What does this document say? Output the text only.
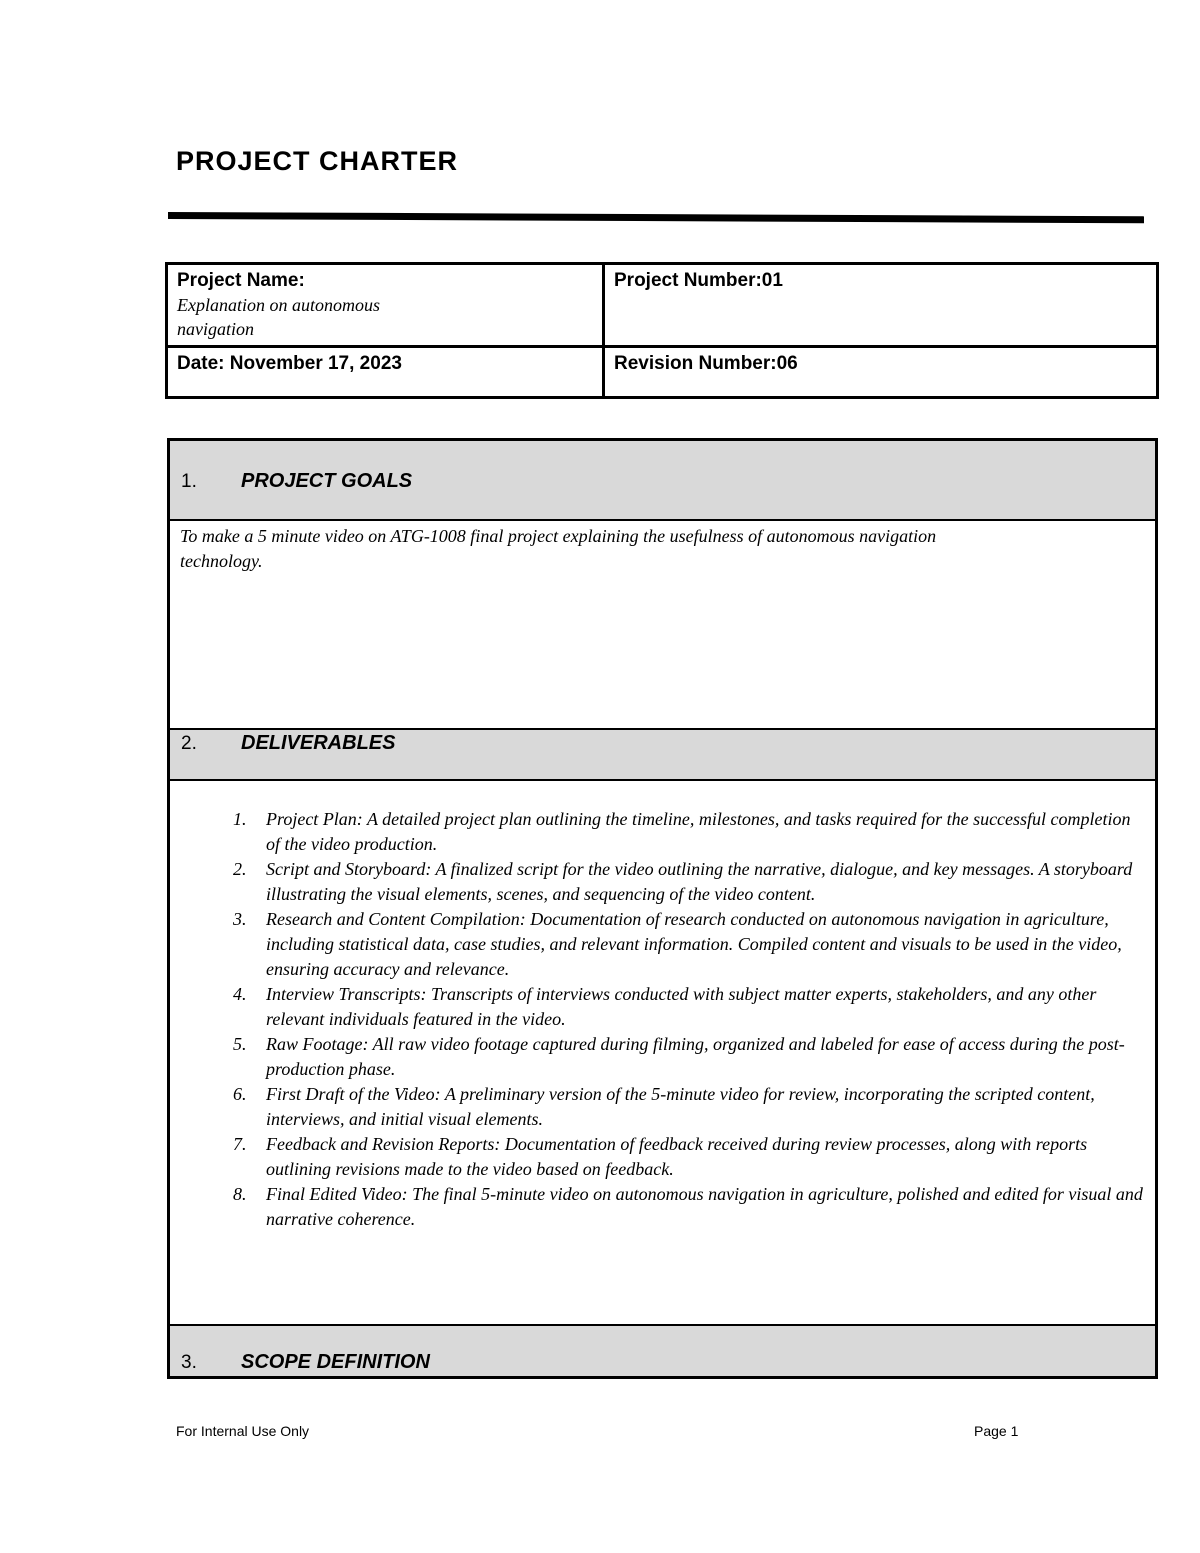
PROJECT CHARTER
Project Name:
Explanation on autonomous navigation	Project Number:01

Date: November 17, 2023	Revision Number:06
1. PROJECT GOALS
To make a 5 minute video on ATG-1008 final project explaining the usefulness of autonomous navigation technology.
2. DELIVERABLES
1. Project Plan: A detailed project plan outlining the timeline, milestones, and tasks required for the successful completion of the video production.
2. Script and Storyboard: A finalized script for the video outlining the narrative, dialogue, and key messages. A storyboard illustrating the visual elements, scenes, and sequencing of the video content.
3. Research and Content Compilation: Documentation of research conducted on autonomous navigation in agriculture, including statistical data, case studies, and relevant information. Compiled content and visuals to be used in the video, ensuring accuracy and relevance.
4. Interview Transcripts: Transcripts of interviews conducted with subject matter experts, stakeholders, and any other relevant individuals featured in the video.
5. Raw Footage: All raw video footage captured during filming, organized and labeled for ease of access during the post-production phase.
6. First Draft of the Video: A preliminary version of the 5-minute video for review, incorporating the scripted content, interviews, and initial visual elements.
7. Feedback and Revision Reports: Documentation of feedback received during review processes, along with reports outlining revisions made to the video based on feedback.
8. Final Edited Video: The final 5-minute video on autonomous navigation in agriculture, polished and edited for visual and narrative coherence.
3. SCOPE DEFINITION
For Internal Use Only	Page 1
